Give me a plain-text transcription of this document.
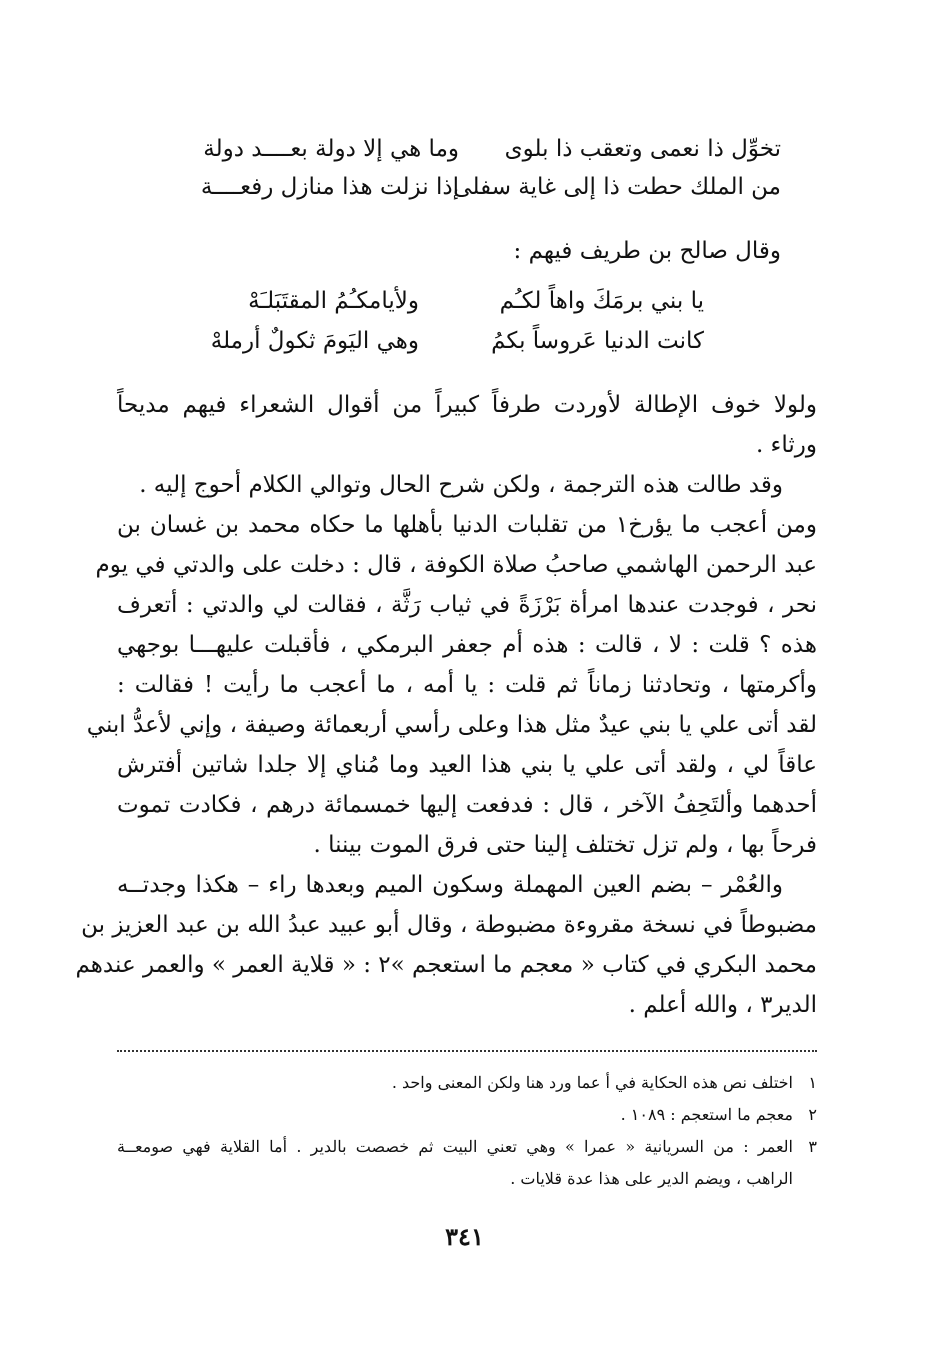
وما هي إلا دولة بعــــد دولة تخوِّل ذا نعمى وتعقب ذا بلوى
إذا نزلت هذا منازل رفعــــة
من الملك حطت ذا إلى غاية سفلى
وقال صالح بن طريف فيهم :
يا بني برمَكَ واهاً لكـُم
ولأيامكـُمُ المقتَبَلـَهْ
كانت الدنيا عَروساً بكمُ
وهي اليَومَ ثكولٌ أرملهْ
ولولا خوف الإطالة لأوردت طرفاً كبيراً من أقوال الشعراء فيهم مديحاً
ورثاء .
وقد طالت هذه الترجمة ، ولكن شرح الحال وتوالي الكلام أحوج إليه .
ومن أعجب ما يؤرخ١ من تقلبات الدنيا بأهلها ما حكاه محمد بن غسان بن
عبد الرحمن الهاشمي صاحبُ صلاة الكوفة ، قال : دخلت على والدتي في يوم
نحر ، فوجدت عندها امرأة بَرْزَةً في ثياب رَثَّة ، فقالت لي والدتي : أتعرف
هذه ؟ قلت : لا ، قالت : هذه أم جعفر البرمكي ، فأقبلت عليهـــا بوجهي
وأكرمتها ، وتحادثنا زماناً ثم قلت : يا أمه ، ما أعجب ما رأيت ! فقالت :
لقد أتى علي يا بني عيدٌ مثل هذا وعلى رأسي أربعمائة وصيفة ، وإني لأعدُّ ابني
عاقاً لي ، ولقد أتى علي يا بني هذا العيد وما مُناي إلا جلدا شاتين أفترش
أحدهما وألتَحِفُ الآخر ، قال : فدفعت إليها خمسمائة درهم ، فكادت تموت
فرحاً بها ، ولم تزل تختلف إلينا حتى فرق الموت بيننا .
والعُمْر – بضم العين المهملة وسكون الميم وبعدها راء – هكذا وجدتــه
مضبوطاً في نسخة مقروءة مضبوطة ، وقال أبو عبيد عبدُ الله بن عبد العزيز بن
محمد البكري في كتاب « معجم ما استعجم »٢ : « قلاية العمر » والعمر عندهم
الدير٣ ، والله أعلم .
١اختلف نص هذه الحكاية في أ عما ورد هنا ولكن المعنى واحد .
٢معجم ما استعجم : ١٠٨٩ .
٣العمر : من السريانية « عمرا » وهي تعني البيت ثم خصصت بالدير . أما القلاية فهي صومعــة
الراهب ، ويضم الدير على هذا عدة قلايات .
٣٤١
